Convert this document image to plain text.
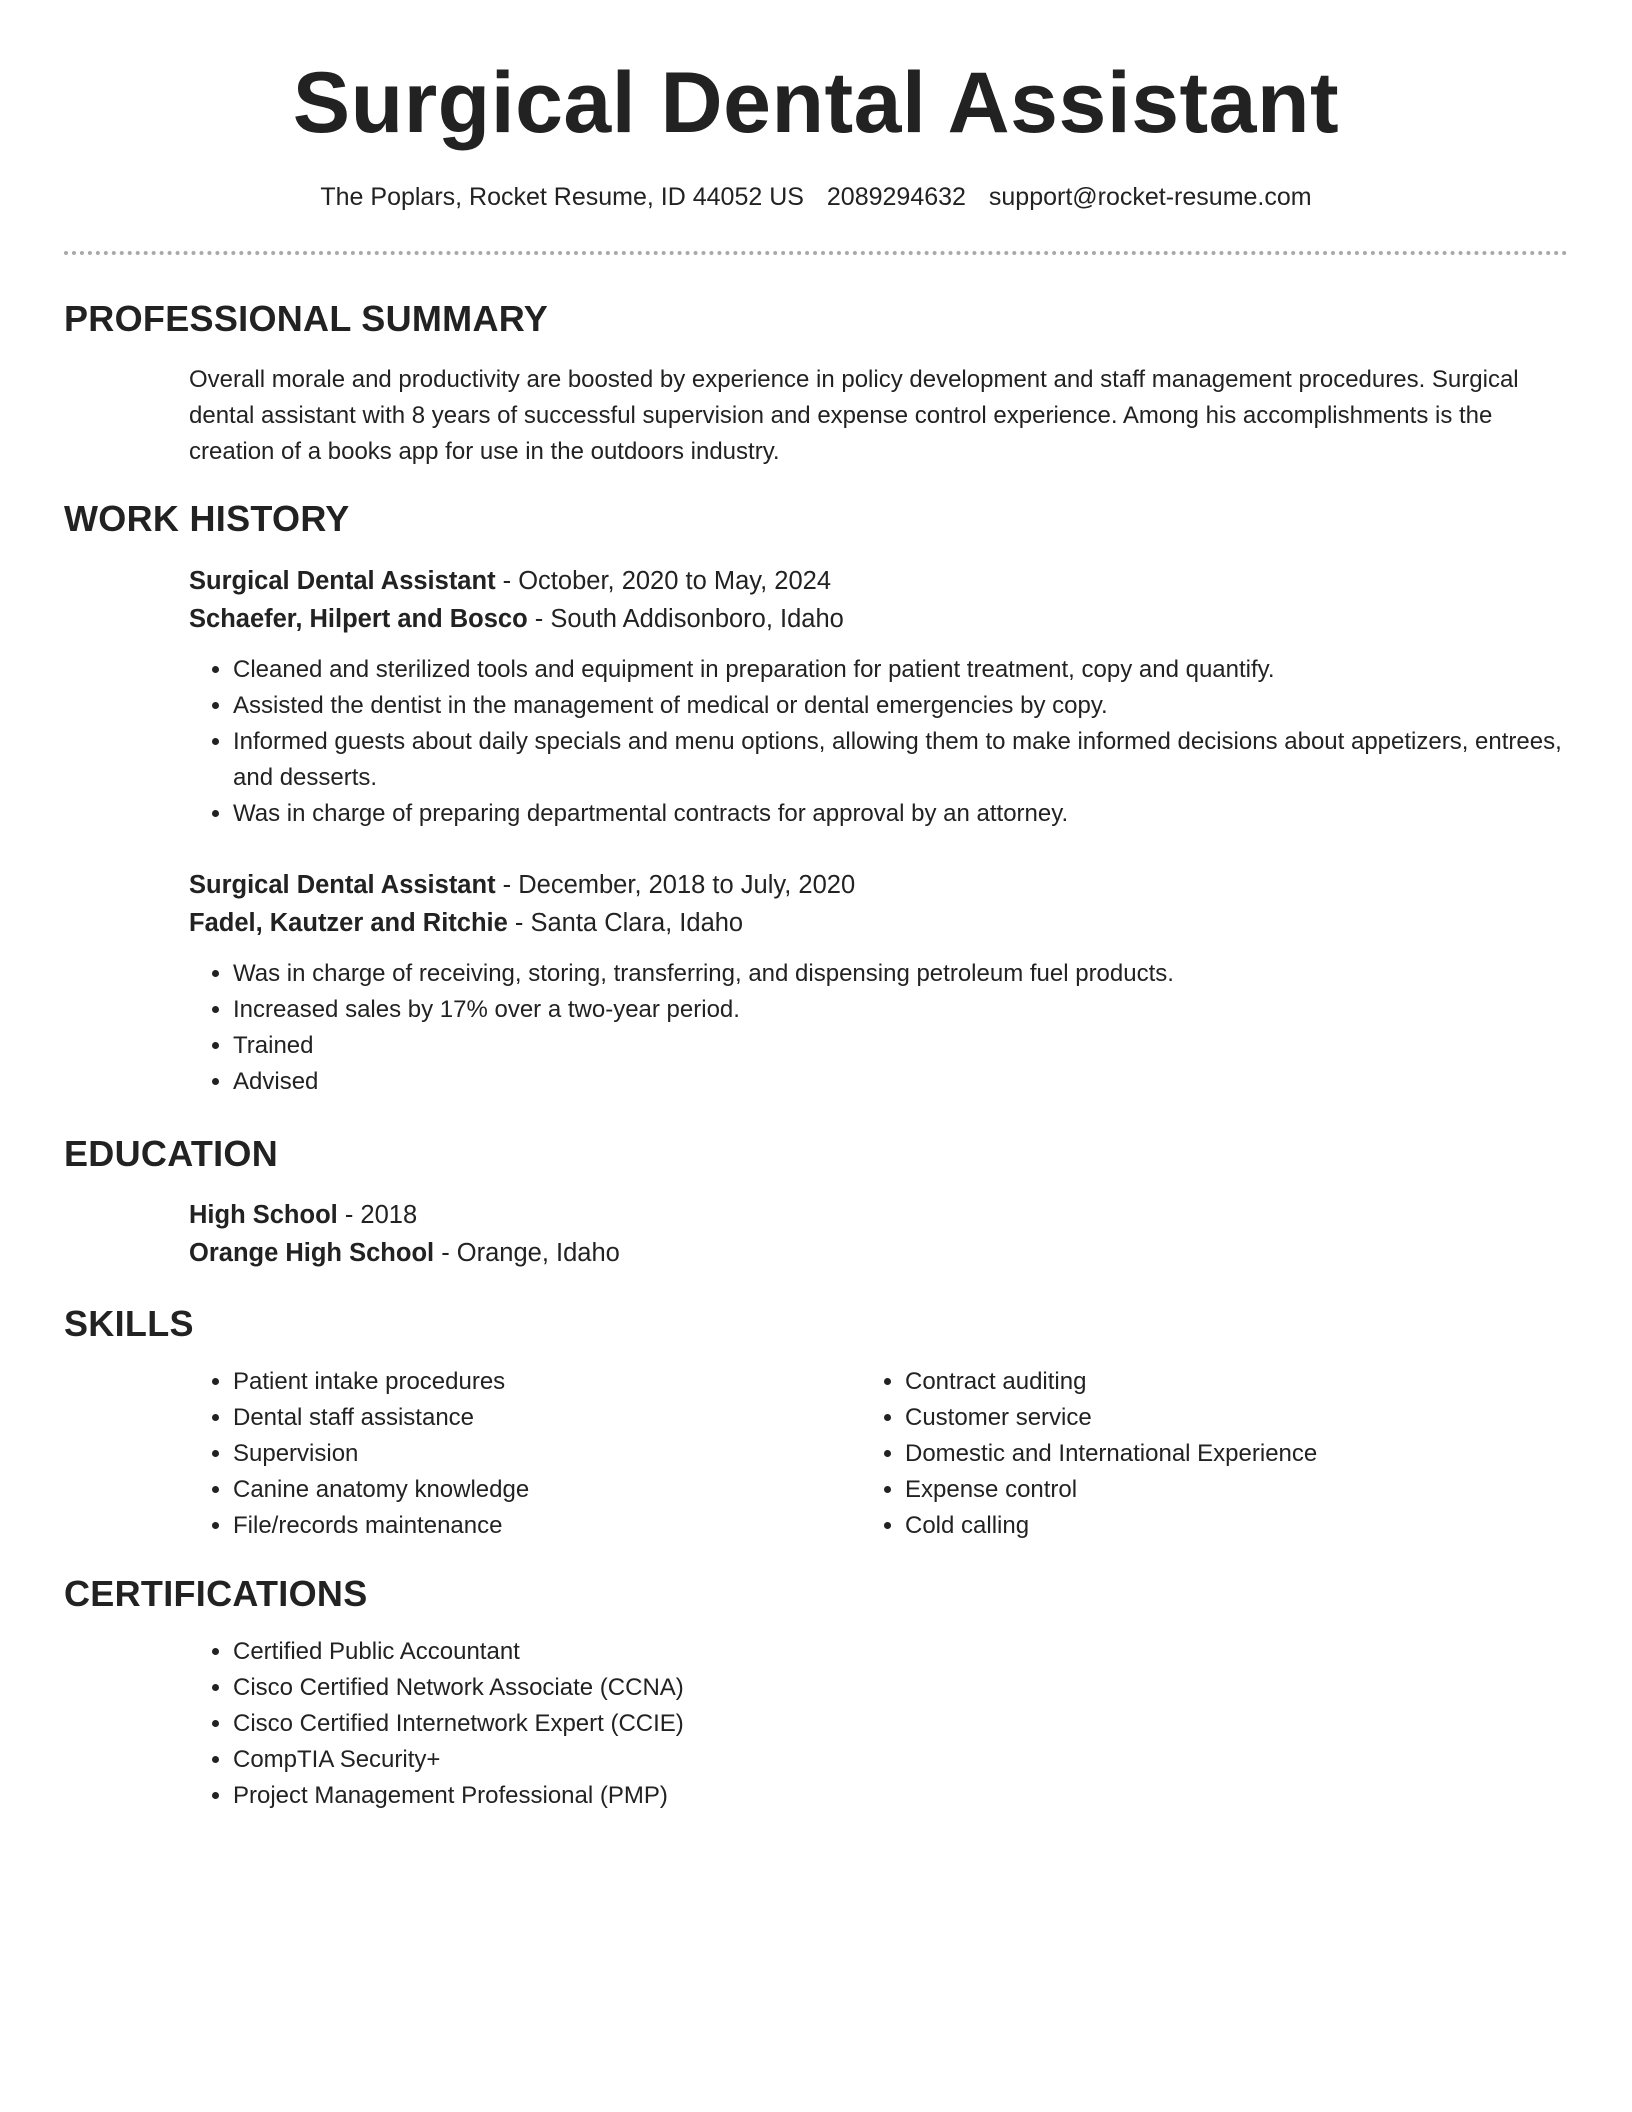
Surgical Dental Assistant
The Poplars, Rocket Resume, ID 44052 US 2089294632 support@rocket-resume.com
PROFESSIONAL SUMMARY

Overall morale and productivity are boosted by experience in policy development and staff management procedures. Surgical dental assistant with 8 years of successful supervision and expense control experience. Among his accomplishments is the creation of a books app for use in the outdoors industry.

WORK HISTORY

Surgical Dental Assistant - October, 2020 to May, 2024

Schaefer, Hilpert and Bosco - South Addisonboro, Idaho

• Cleaned and sterilized tools and equipment in preparation for patient treatment, copy and quantify.
• Assisted the dentist in the management of medical or dental emergencies by copy.
• Informed guests about daily specials and menu options, allowing them to make informed decisions about appetizers, entrees, and desserts.
• Was in charge of preparing departmental contracts for approval by an attorney.

Surgical Dental Assistant - December, 2018 to July, 2020

Fadel, Kautzer and Ritchie - Santa Clara, Idaho

• Was in charge of receiving, storing, transferring, and dispensing petroleum fuel products.
• Increased sales by 17% over a two-year period.
• Trained
• Advised
EDUCATION

High School - 2018

Orange High School - Orange, Idaho

SKILLS
• Patient intake procedures
• Dental staff assistance
• Supervision
• Canine anatomy knowledge
• File/records maintenance
• Contract auditing
• Customer service
• Domestic and International Experience
• Expense control
• Cold calling
CERTIFICATIONS
• Certified Public Accountant
• Cisco Certified Network Associate (CCNA)
• Cisco Certified Internetwork Expert (CCIE)
• CompTIA Security+
• Project Management Professional (PMP)
